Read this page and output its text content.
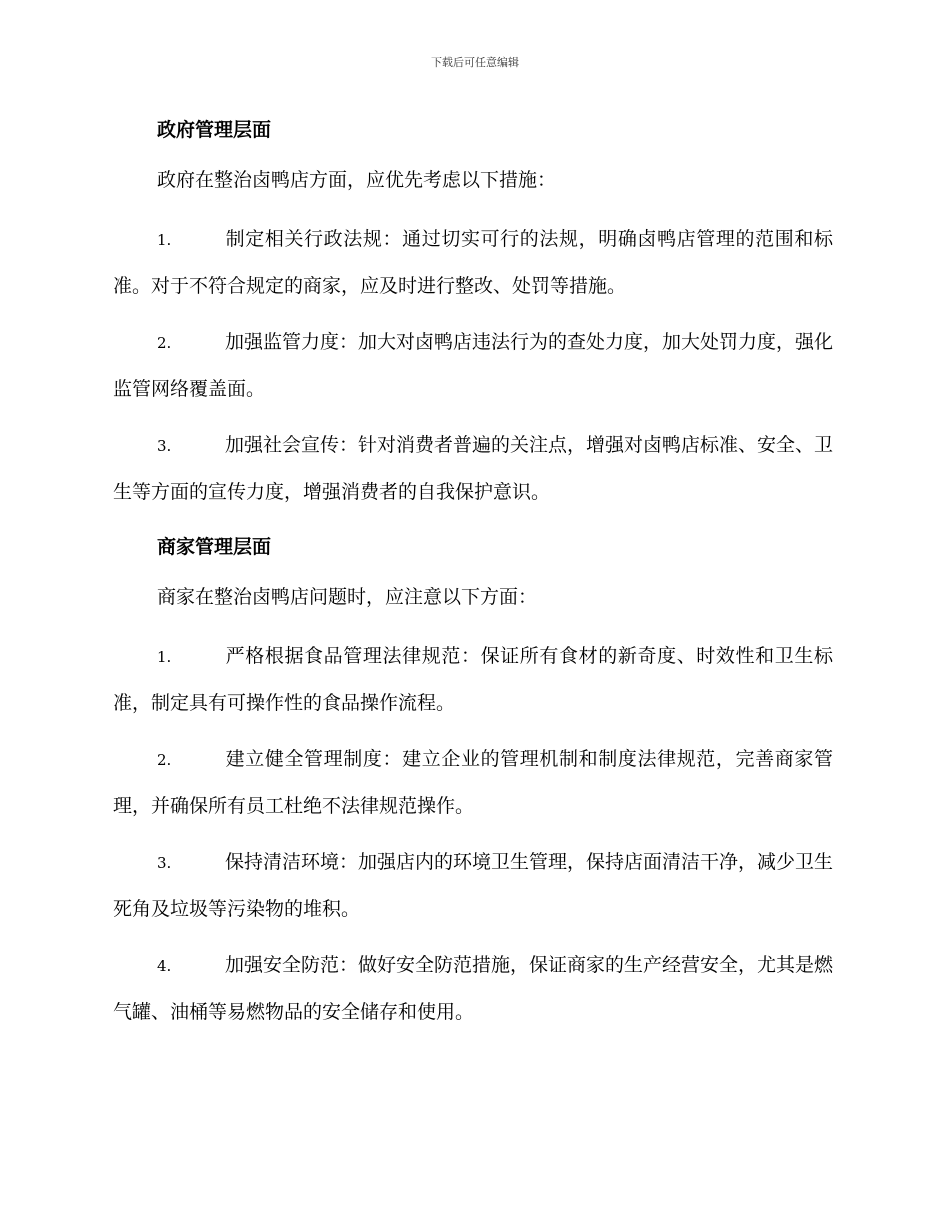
下载后可任意编辑
政府管理层面
政府在整治卤鸭店方面，应优先考虑以下措施：
1.	制定相关行政法规：通过切实可行的法规，明确卤鸭店管理的范围和标准。对于不符合规定的商家，应及时进行整改、处罚等措施。
2.	加强监管力度：加大对卤鸭店违法行为的查处力度，加大处罚力度，强化监管网络覆盖面。
3.	加强社会宣传：针对消费者普遍的关注点，增强对卤鸭店标准、安全、卫生等方面的宣传力度，增强消费者的自我保护意识。
商家管理层面
商家在整治卤鸭店问题时，应注意以下方面：
1.	严格根据食品管理法律规范：保证所有食材的新奇度、时效性和卫生标准，制定具有可操作性的食品操作流程。
2.	建立健全管理制度：建立企业的管理机制和制度法律规范，完善商家管理，并确保所有员工杜绝不法律规范操作。
3.	保持清洁环境：加强店内的环境卫生管理，保持店面清洁干净，减少卫生死角及垃圾等污染物的堆积。
4.	加强安全防范：做好安全防范措施，保证商家的生产经营安全，尤其是燃气罐、油桶等易燃物品的安全储存和使用。
